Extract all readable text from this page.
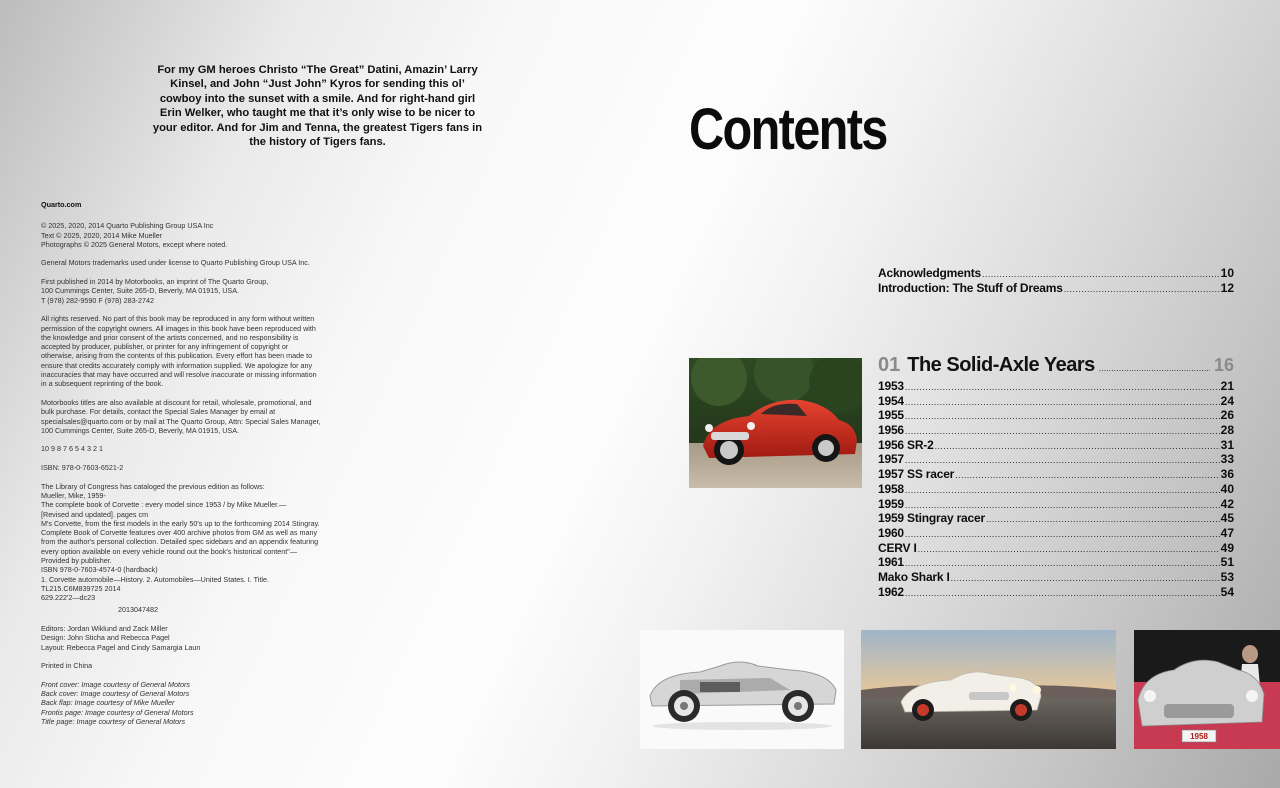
For my GM heroes Christo “The Great” Datini, Amazin’ Larry Kinsel, and John “Just John” Kyros for sending this ol’ cowboy into the sunset with a smile. And for right-hand girl Erin Welker, who taught me that it’s only wise to be nicer to your editor. And for Jim and Tenna, the greatest Tigers fans in the history of Tigers fans.
Quarto.com

© 2025, 2020, 2014 Quarto Publishing Group USA Inc
Text © 2025, 2020, 2014 Mike Mueller
Photographs © 2025 General Motors, except where noted.

General Motors trademarks used under license to Quarto Publishing Group USA Inc.

First published in 2014 by Motorbooks, an imprint of The Quarto Group,
100 Cummings Center, Suite 265-D, Beverly, MA 01915, USA.
T (978) 282-9590 F (978) 283-2742

All rights reserved. No part of this book may be reproduced in any form without written permission of the copyright owners. All images in this book have been reproduced with the knowledge and prior consent of the artists concerned, and no responsibility is accepted by producer, publisher, or printer for any infringement of copyright or otherwise, arising from the contents of this publication. Every effort has been made to ensure that credits accurately comply with information supplied. We apologize for any inaccuracies that may have occurred and will resolve inaccurate or missing information in a subsequent reprinting of the book.

Motorbooks titles are also available at discount for retail, wholesale, promotional, and bulk purchase. For details, contact the Special Sales Manager by email at specialsales@quarto.com or by mail at The Quarto Group, Attn: Special Sales Manager, 100 Cummings Center, Suite 265-D, Beverly, MA 01915, USA.

10 9 8 7 6 5 4 3 2 1

ISBN: 978-0-7603-6521-2

The Library of Congress has cataloged the previous edition as follows:
Mueller, Mike, 1959-
The complete book of Corvette : every model since 1953 / by Mike Mueller.—
[Revised and updated]. pages cm
M's Corvette, from the first models in the early 50's up to the forthcoming 2014 Stingray. Complete Book of Corvette features over 400 archive photos from GM as well as many from the author's personal collection. Detailed spec sidebars and an appendix featuring every option available on every vehicle round out the book's historical content"—Provided by publisher.
ISBN 978-0-7603-4574-0 (hardback)
1. Corvette automobile—History. 2. Automobiles—United States. I. Title.
TL215.C6M839725 2014
629.222'2—dc23

2013047482

Editors: Jordan Wiklund and Zack Miller
Design: John Sticha and Rebecca Pagel
Layout: Rebecca Pagel and Cindy Samargia Laun

Printed in China

Front cover: Image courtesy of General Motors
Back cover: Image courtesy of General Motors
Back flap: Image courtesy of Mike Mueller
Frontis page: Image courtesy of General Motors
Title page: Image courtesy of General Motors

Contents
Acknowledgments .....	10
Introduction: The Stuff of Dreams .....	12
01 The Solid-Axle Years .....	16
1953 .....	21
1954 .....	24
1955 .....	26
1956 .....	28
1956 SR-2 .....	31
1957 .....	33
1957 SS racer .....	36
1958 .....	40
1959 .....	42
1959 Stingray racer .....	45
1960 .....	47
CERV I .....	49
1961 .....	51
Mako Shark I .....	53
1962 .....	54
1958
